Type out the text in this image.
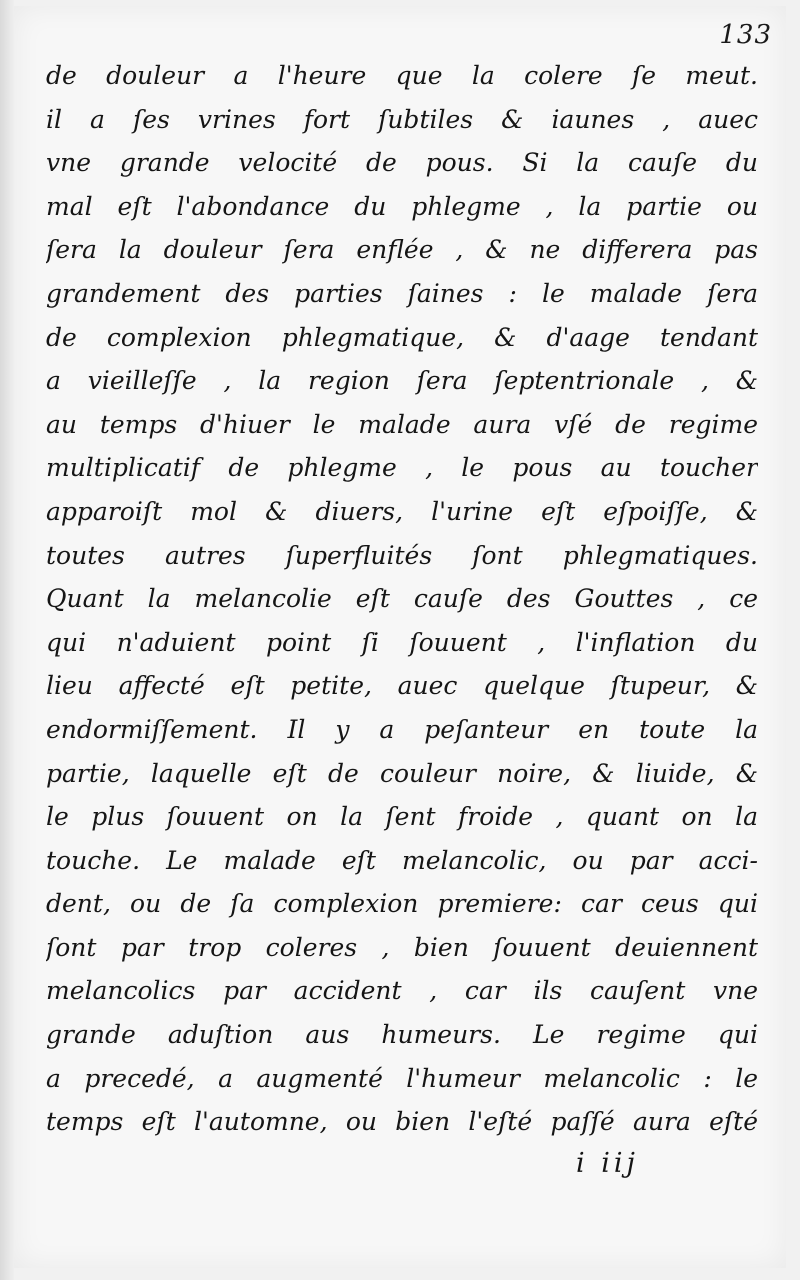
133
de douleur a l'heure que la colere ſe meut.
il a ſes vrines fort ſubtiles & iaunes , auec
vne grande velocité de pous. Si la cauſe du
mal eſt l'abondance du phlegme , la partie ou
ſera la douleur ſera enflée , & ne differera pas
grandement des parties ſaines : le malade ſera
de complexion phlegmatique, & d'aage tendant
a vieilleſſe , la region ſera ſeptentrionale , &
au temps d'hiuer le malade aura vſé de regime
multiplicatif de phlegme , le pous au toucher
apparoiſt mol & diuers, l'urine eſt eſpoiſſe, &
toutes autres ſuperfluités ſont phlegmatiques.
Quant la melancolie eſt cauſe des Gouttes , ce
qui n'aduient point ſi ſouuent , l'inflation du
lieu affecté eſt petite, auec quelque ſtupeur, &
endormiſſement. Il y a peſanteur en toute la
partie, laquelle eſt de couleur noire, & liuide, &
le plus ſouuent on la ſent froide , quant on la
touche. Le malade eſt melancolic, ou par acci-
dent, ou de ſa complexion premiere: car ceus qui
ſont par trop coleres , bien ſouuent deuiennent
melancolics par accident , car ils cauſent vne
grande aduſtion aus humeurs. Le regime qui
a precedé, a augmenté l'humeur melancolic : le
temps eſt l'automne, ou bien l'eſté paſſé aura eſté
i iij
